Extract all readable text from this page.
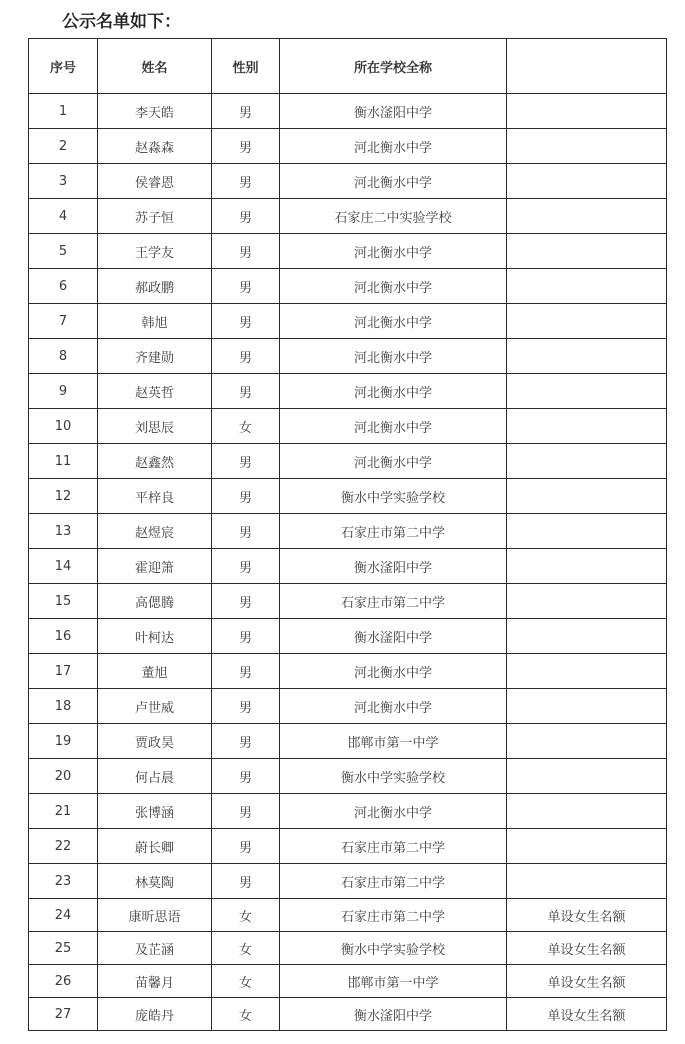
公示名单如下：
序号	姓名	性别	所在学校全称	
1	李天皓	男	衡水滏阳中学	
2	赵淼森	男	河北衡水中学	
3	侯睿恩	男	河北衡水中学	
4	苏子恒	男	石家庄二中实验学校	
5	王学友	男	河北衡水中学	
6	郝政鹏	男	河北衡水中学	
7	韩旭	男	河北衡水中学	
8	齐建勋	男	河北衡水中学	
9	赵英哲	男	河北衡水中学	
10	刘思辰	女	河北衡水中学	
11	赵鑫然	男	河北衡水中学	
12	平梓良	男	衡水中学实验学校	
13	赵煜宸	男	石家庄市第二中学	
14	霍迎箫	男	衡水滏阳中学	
15	高偲腾	男	石家庄市第二中学	
16	叶柯达	男	衡水滏阳中学	
17	董旭	男	河北衡水中学	
18	卢世威	男	河北衡水中学	
19	贾政昊	男	邯郸市第一中学	
20	何占晨	男	衡水中学实验学校	
21	张博涵	男	河北衡水中学	
22	蔚长卿	男	石家庄市第二中学	
23	林莫陶	男	石家庄市第二中学	
24	康昕思语	女	石家庄市第二中学	单设女生名额
25	及芷涵	女	衡水中学实验学校	单设女生名额
26	苗馨月	女	邯郸市第一中学	单设女生名额
27	庞皓丹	女	衡水滏阳中学	单设女生名额
